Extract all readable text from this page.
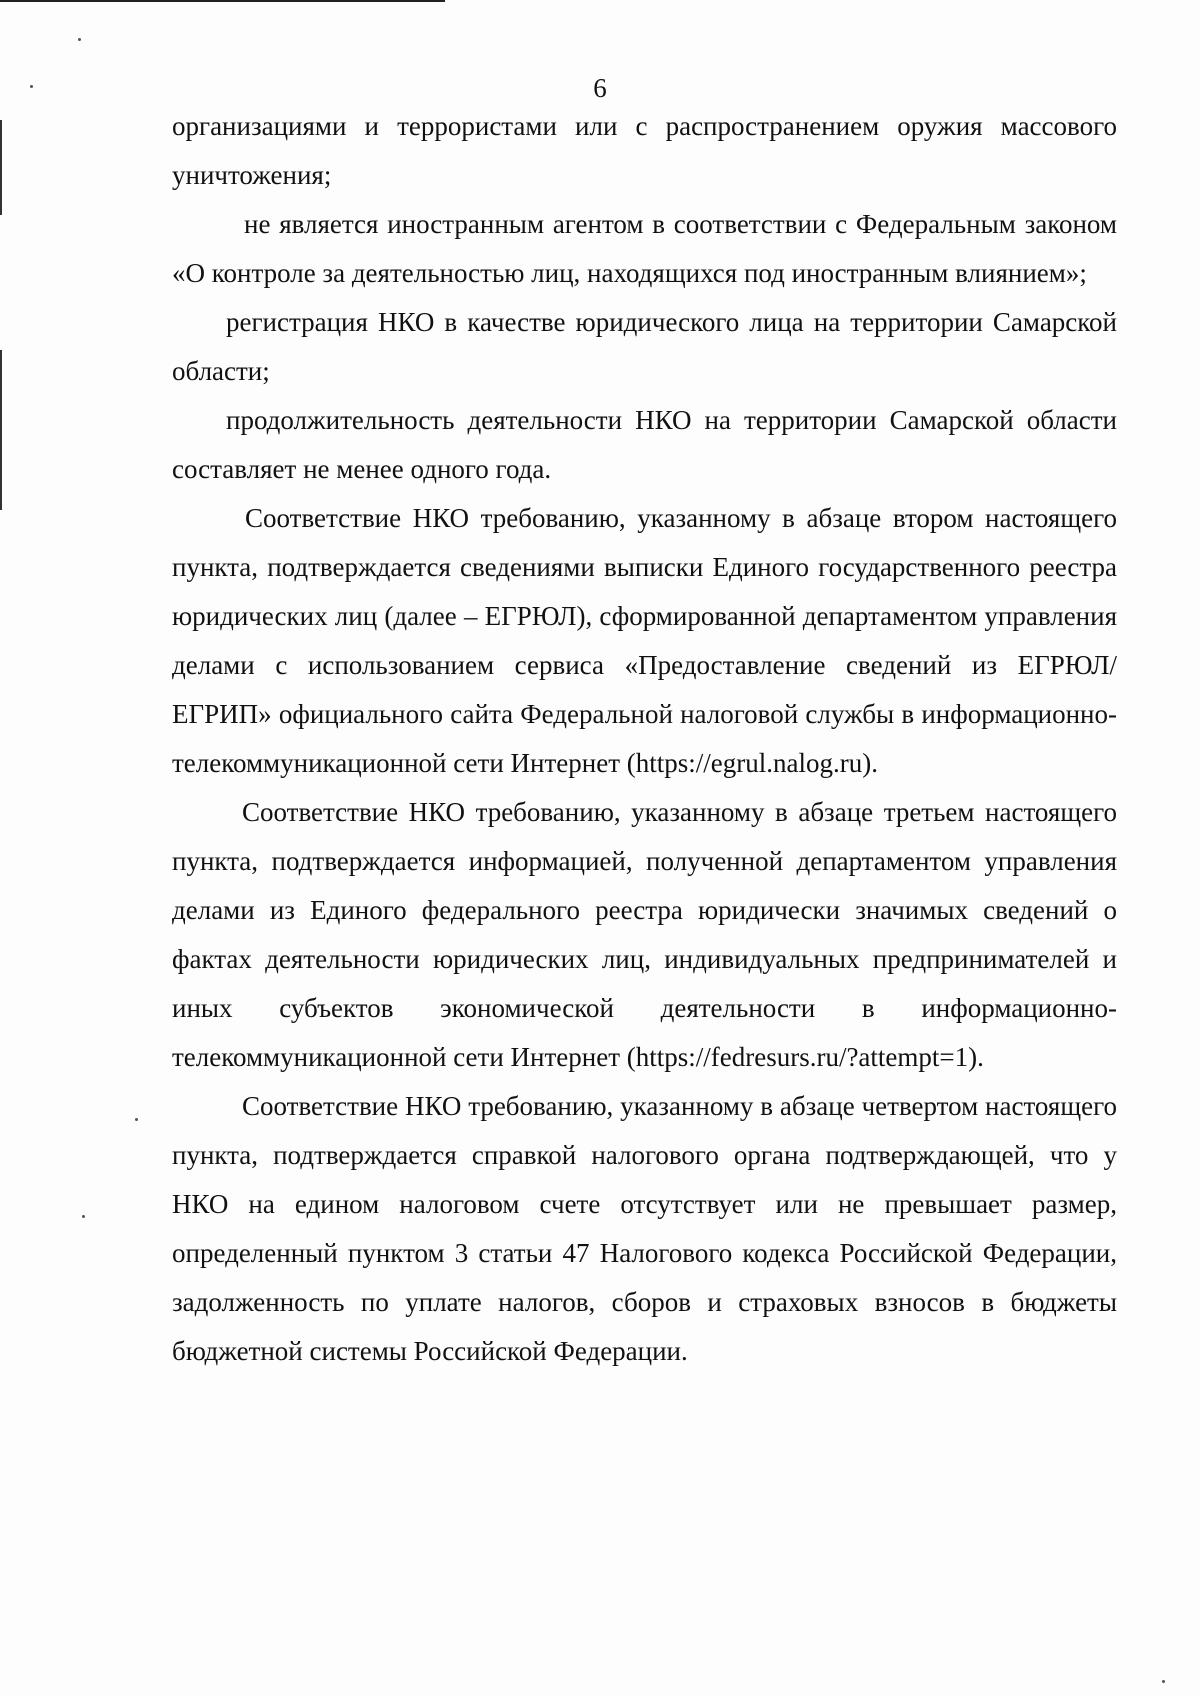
6

организациями и террористами или с распространением оружия массового уничтожения;

не является иностранным агентом в соответствии с Федеральным законом «О контроле за деятельностью лиц, находящихся под иностранным влиянием»;

регистрация НКО в качестве юридического лица на территории Самарской области;

продолжительность деятельности НКО на территории Самарской области составляет не менее одного года.

Соответствие НКО требованию, указанному в абзаце втором настоящего пункта, подтверждается сведениями выписки Единого государственного реестра юридических лиц (далее – ЕГРЮЛ), сформированной департаментом управления делами с использованием сервиса «Предоставление сведений из ЕГРЮЛ/ЕГРИП» официального сайта Федеральной налоговой службы в информационно-телекоммуникационной сети Интернет (https://egrul.nalog.ru).

Соответствие НКО требованию, указанному в абзаце третьем настоящего пункта, подтверждается информацией, полученной департаментом управления делами из Единого федерального реестра юридически значимых сведений о фактах деятельности юридических лиц, индивидуальных предпринимателей и иных субъектов экономической деятельности в информационно-телекоммуникационной сети Интернет (https://fedresurs.ru/?attempt=1).

Соответствие НКО требованию, указанному в абзаце четвертом настоящего пункта, подтверждается справкой налогового органа подтверждающей, что у НКО на едином налоговом счете отсутствует или не превышает размер, определенный пунктом 3 статьи 47 Налогового кодекса Российской Федерации, задолженность по уплате налогов, сборов и страховых взносов в бюджеты бюджетной системы Российской Федерации.
